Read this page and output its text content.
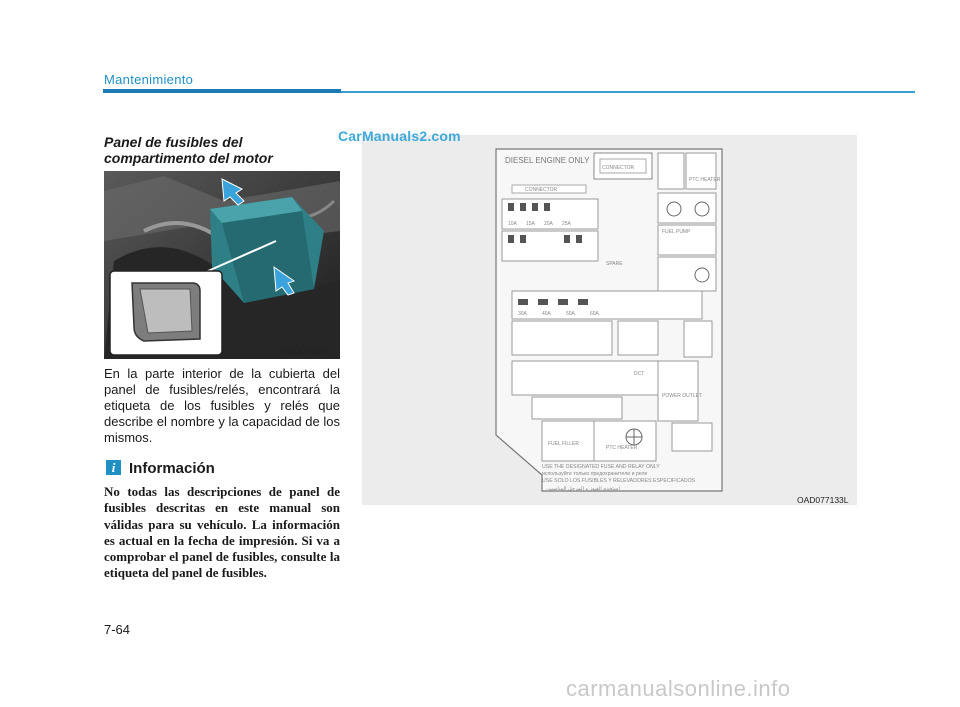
Mantenimiento
Panel de fusibles del
compartimento del motor
OAD075027
En la parte interior de la cubierta del panel de fusibles/relés, encontrará la etiqueta de los fusibles y relés que describe el nombre y la capacidad de los mismos.
i Información
No todas las descripciones de panel de fusibles descritas en este manual son válidas para su vehículo. La información es actual en la fecha de impresión. Si va a comprobar el panel de fusibles, consulte la etiqueta del panel de fusibles.
DIESEL ENGINE ONLY
CONNECTOR
CONNECTOR
PTC HEATER
FUEL PUMP
10A 15A 20A 25A
30A	40A	50A	60A
SPARE
DCT
POWER OUTLET
FUEL FILLER
PTC HEATER
USE THE DESIGNATED FUSE AND RELAY ONLY
используйте только предохранители и реле
USE SOLO LOS FUSIBLES Y RELEVADORES ESPECIFICADOS
استخدم الفيوز و المرحل المناسبين
OAD077133L
CarManuals2.com
7-64
carmanualsonline.info
